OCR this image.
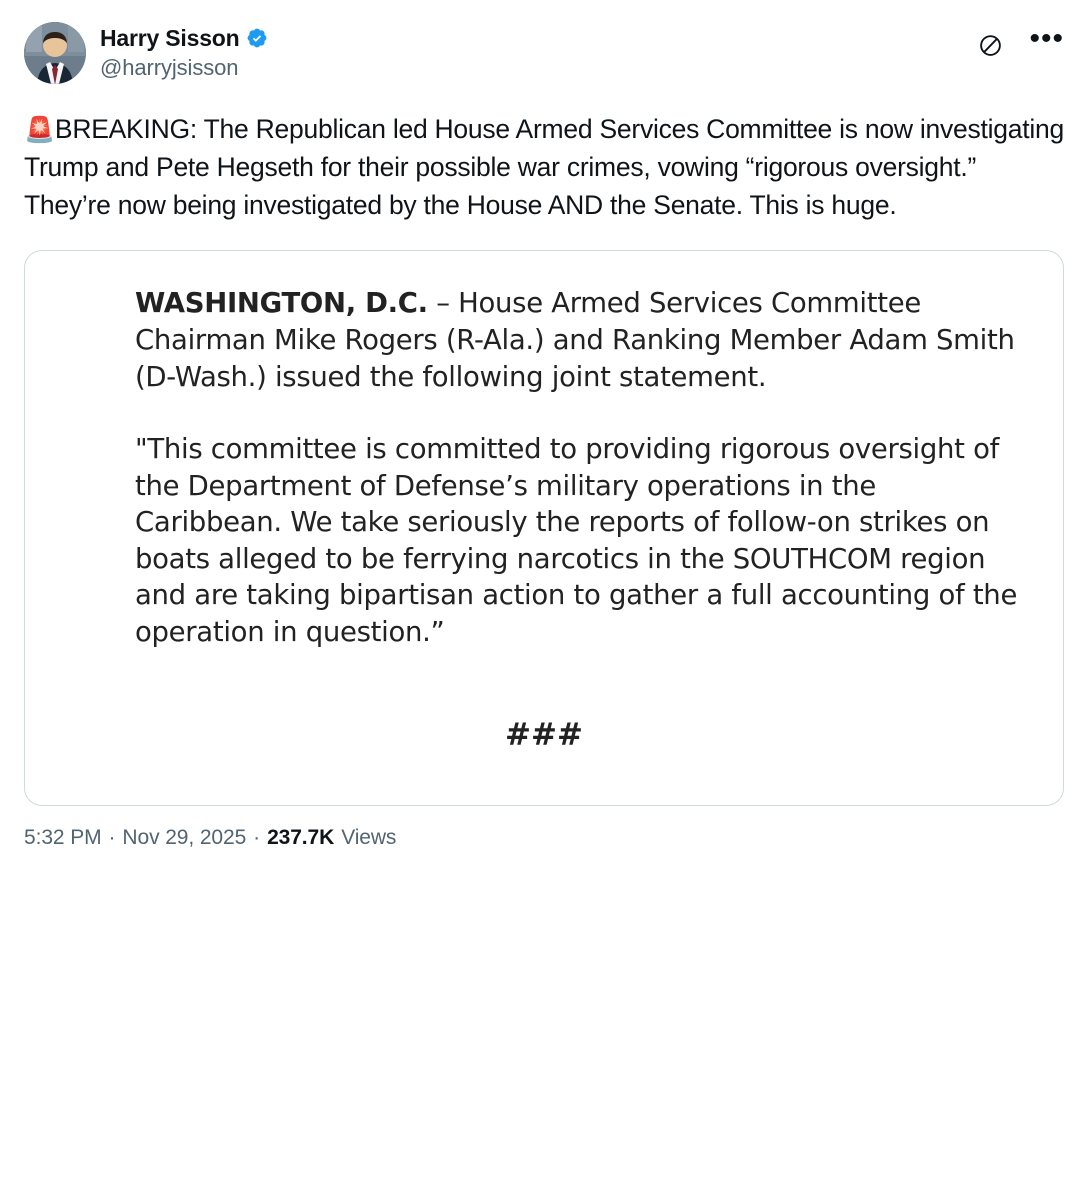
Harry Sisson
@harryjsisson
•••
🚨BREAKING: The Republican led House Armed Services Committee is now investigating Trump and Pete Hegseth for their possible war crimes, vowing “rigorous oversight.” They’re now being investigated by the House AND the Senate. This is huge.

WASHINGTON, D.C. – House Armed Services Committee Chairman Mike Rogers (R-Ala.) and Ranking Member Adam Smith (D-Wash.) issued the following joint statement.

"This committee is committed to providing rigorous oversight of the Department of Defense’s military operations in the Caribbean. We take seriously the reports of follow-on strikes on boats alleged to be ferrying narcotics in the SOUTHCOM region and are taking bipartisan action to gather a full accounting of the operation in question.”

###
5:32 PM · Nov 29, 2025 · 237.7K Views
